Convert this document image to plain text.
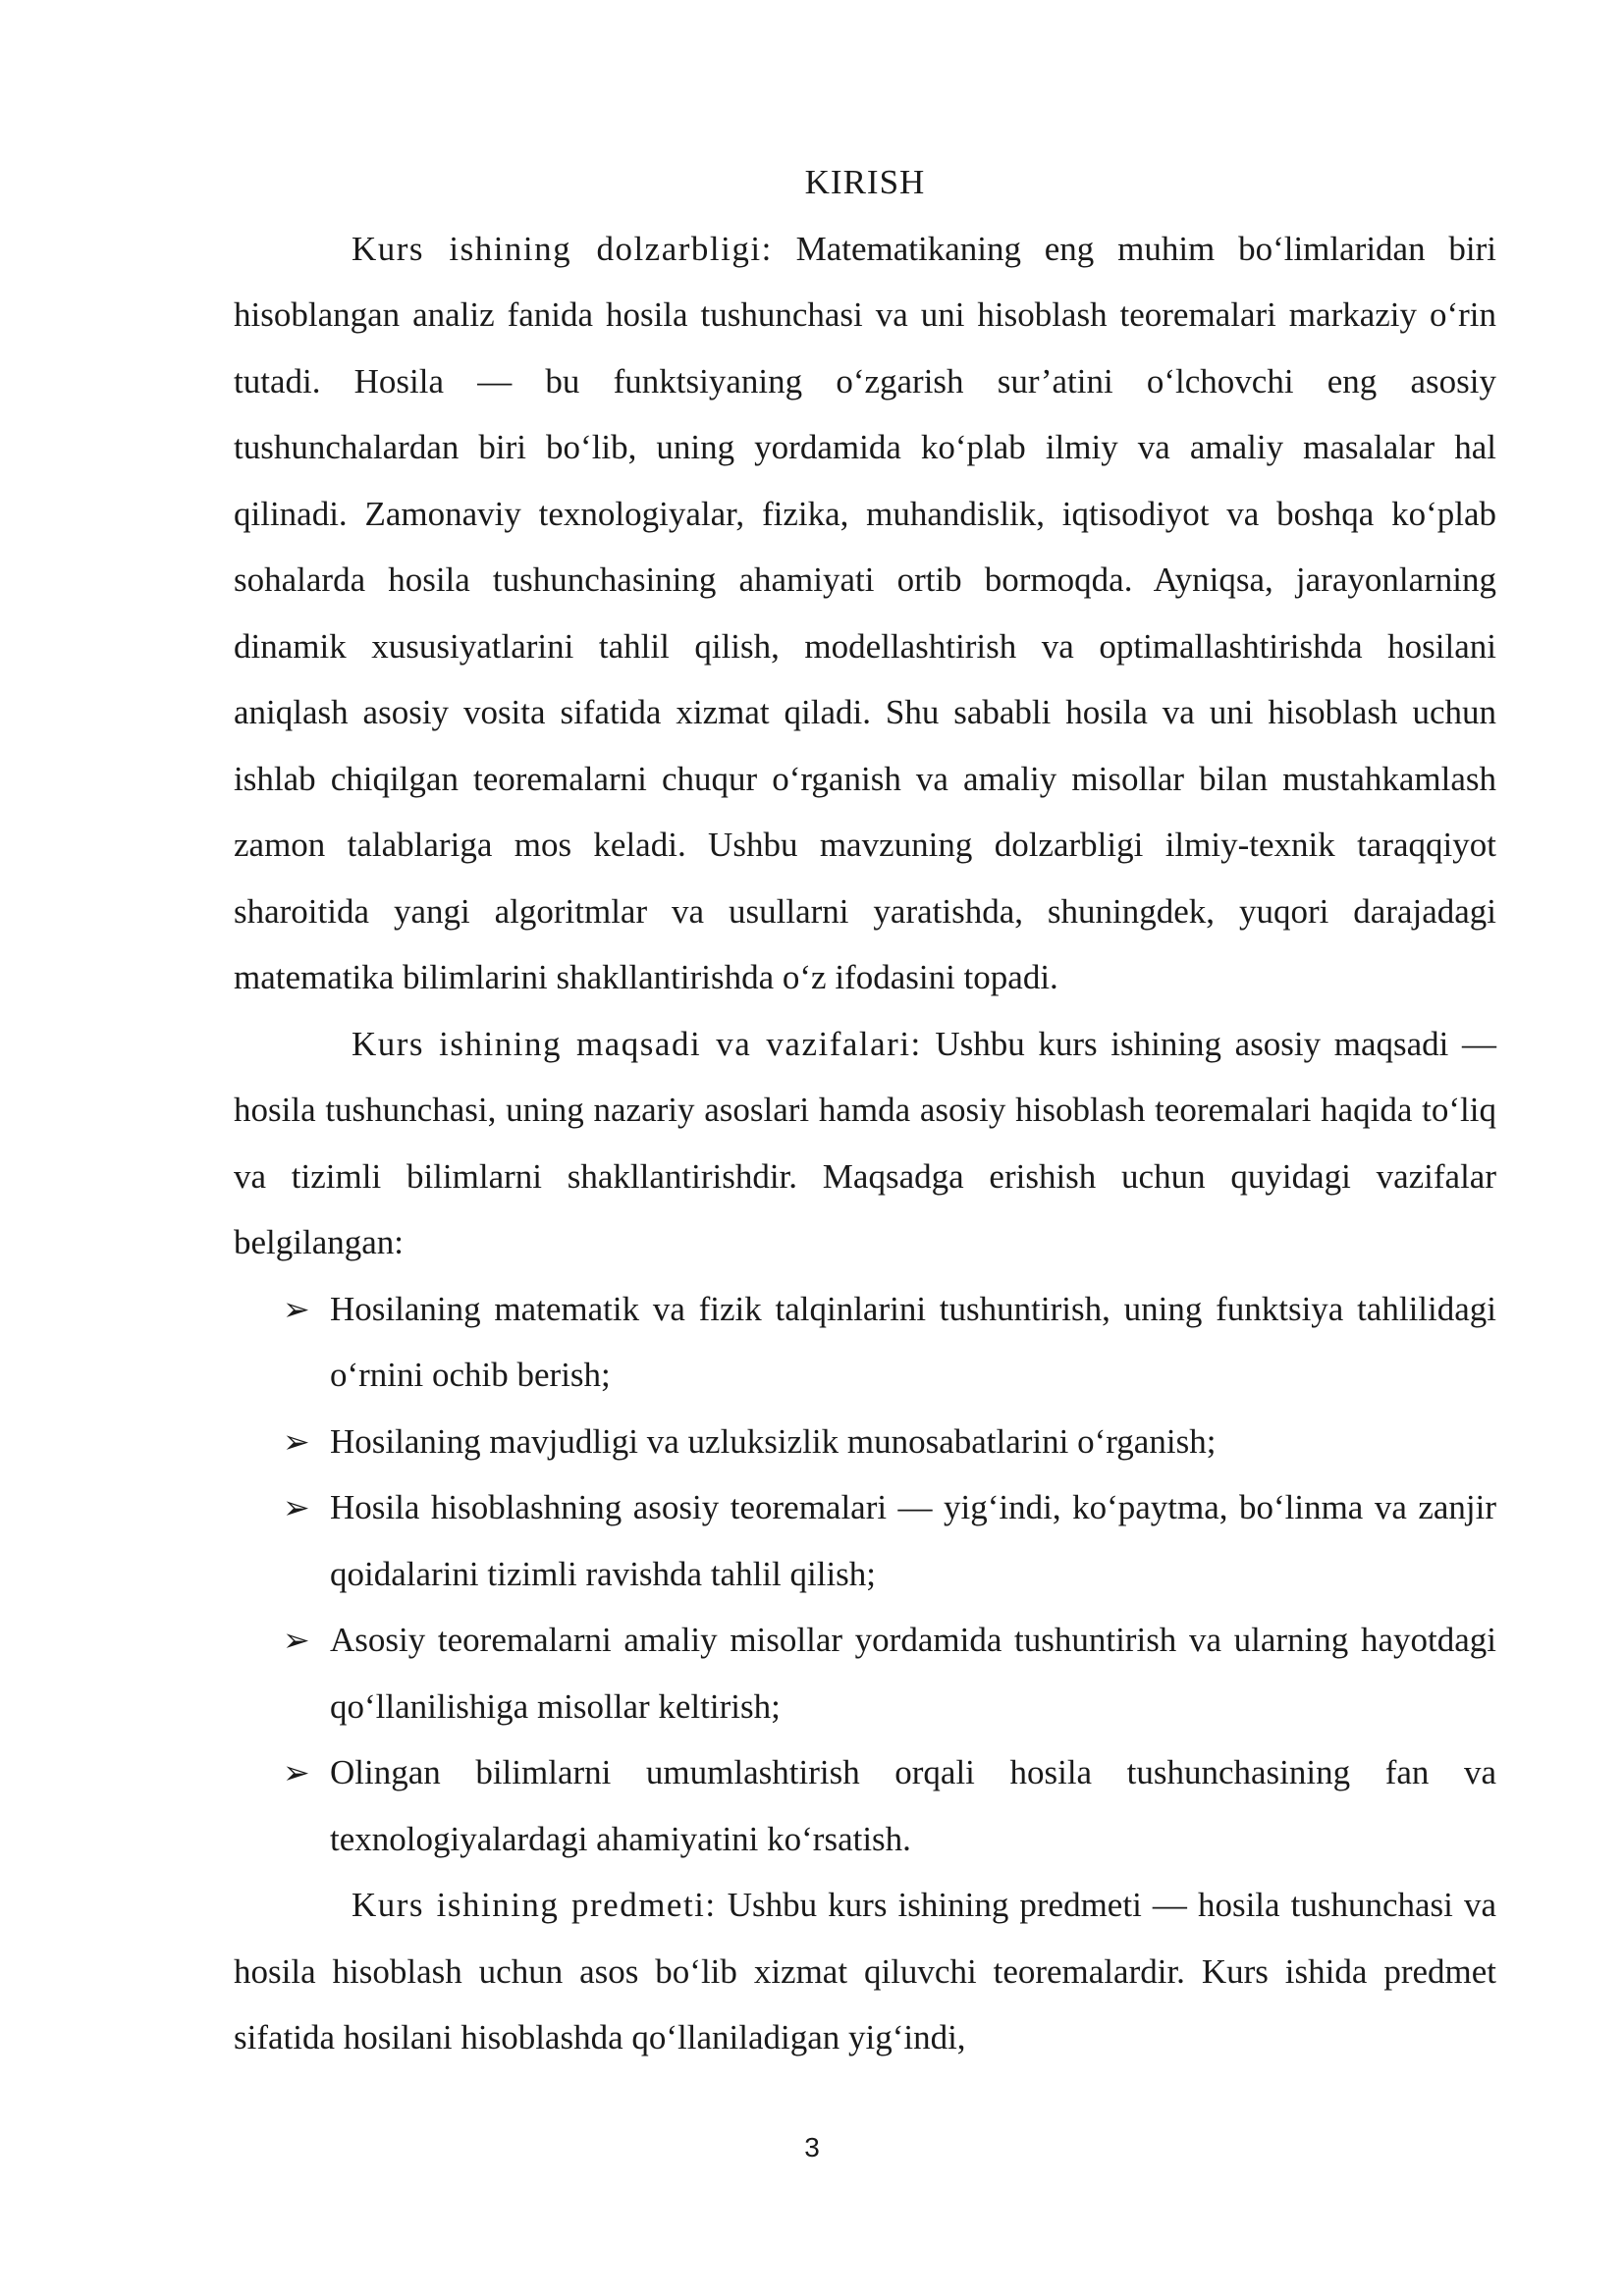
KIRISH

Kurs ishining dolzarbligi: Matematikaning eng muhim bo‘limlaridan biri hisoblangan analiz fanida hosila tushunchasi va uni hisoblash teoremalari markaziy o‘rin tutadi. Hosila — bu funktsiyaning o‘zgarish sur’atini o‘lchovchi eng asosiy tushunchalardan biri bo‘lib, uning yordamida ko‘plab ilmiy va amaliy masalalar hal qilinadi. Zamonaviy texnologiyalar, fizika, muhandislik, iqtisodiyot va boshqa ko‘plab sohalarda hosila tushunchasining ahamiyati ortib bormoqda. Ayniqsa, jarayonlarning dinamik xususiyatlarini tahlil qilish, modellashtirish va optimallashtirishda hosilani aniqlash asosiy vosita sifatida xizmat qiladi. Shu sababli hosila va uni hisoblash uchun ishlab chiqilgan teoremalarni chuqur o‘rganish va amaliy misollar bilan mustahkamlash zamon talablariga mos keladi. Ushbu mavzuning dolzarbligi ilmiy-texnik taraqqiyot sharoitida yangi algoritmlar va usullarni yaratishda, shuningdek, yuqori darajadagi matematika bilimlarini shakllantirishda o‘z ifodasini topadi.

Kurs ishining maqsadi va vazifalari: Ushbu kurs ishining asosiy maqsadi — hosila tushunchasi, uning nazariy asoslari hamda asosiy hisoblash teoremalari haqida to‘liq va tizimli bilimlarni shakllantirishdir. Maqsadga erishish uchun quyidagi vazifalar belgilangan:

➢ Hosilaning matematik va fizik talqinlarini tushuntirish, uning funktsiya tahlilidagi o‘rnini ochib berish;
➢ Hosilaning mavjudligi va uzluksizlik munosabatlarini o‘rganish;
➢ Hosila hisoblashning asosiy teoremalari — yig‘indi, ko‘paytma, bo‘linma va zanjir qoidalarini tizimli ravishda tahlil qilish;
➢ Asosiy teoremalarni amaliy misollar yordamida tushuntirish va ularning hayotdagi qo‘llanilishiga misollar keltirish;
➢ Olingan bilimlarni umumlashtirish orqali hosila tushunchasining fan va texnologiyalardagi ahamiyatini ko‘rsatish.

Kurs ishining predmeti: Ushbu kurs ishining predmeti — hosila tushunchasi va hosila hisoblash uchun asos bo‘lib xizmat qiluvchi teoremalardir. Kurs ishida predmet sifatida hosilani hisoblashda qo‘llaniladigan yig‘indi,

3
